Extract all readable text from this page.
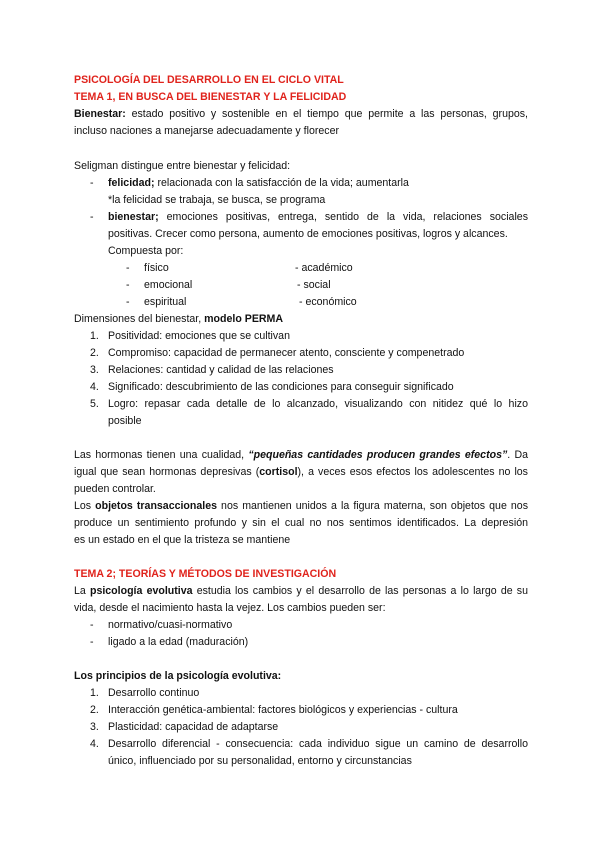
PSICOLOGÍA DEL DESARROLLO EN EL CICLO VITAL
TEMA 1, EN BUSCA DEL BIENESTAR Y LA FELICIDAD
Bienestar: estado positivo y sostenible en el tiempo que permite a las personas, grupos,
incluso naciones a manejarse adecuadamente y florecer
Seligman distingue entre bienestar y felicidad:
- felicidad; relacionada con la satisfacción de la vida; aumentarla
*la felicidad se trabaja, se busca, se programa
- bienestar; emociones positivas, entrega, sentido de la vida, relaciones sociales
positivas. Crecer como persona, aumento de emociones positivas, logros y alcances.
Compuesta por:
- físico	- académico
- emocional	- social
- espiritual	- económico
Dimensiones del bienestar, modelo PERMA
1. Positividad: emociones que se cultivan
2. Compromiso: capacidad de permanecer atento, consciente y compenetrado
3. Relaciones: cantidad y calidad de las relaciones
4. Significado: descubrimiento de las condiciones para conseguir significado
5. Logro: repasar cada detalle de lo alcanzado, visualizando con nitidez qué lo hizo
posible
Las hormonas tienen una cualidad, “pequeñas cantidades producen grandes efectos”. Da
igual que sean hormonas depresivas (cortisol), a veces esos efectos los adolescentes no los
pueden controlar.
Los objetos transaccionales nos mantienen unidos a la figura materna, son objetos que nos
produce un sentimiento profundo y sin el cual no nos sentimos identificados. La depresión
es un estado en el que la tristeza se mantiene
TEMA 2; TEORÍAS Y MÉTODOS DE INVESTIGACIÓN
La psicología evolutiva estudia los cambios y el desarrollo de las personas a lo largo de su
vida, desde el nacimiento hasta la vejez. Los cambios pueden ser:
- normativo/cuasi-normativo
- ligado a la edad (maduración)
Los principios de la psicología evolutiva:
1. Desarrollo continuo
2. Interacción genética-ambiental: factores biológicos y experiencias - cultura
3. Plasticidad: capacidad de adaptarse
4. Desarrollo diferencial - consecuencia: cada individuo sigue un camino de desarrollo
único, influenciado por su personalidad, entorno y circunstancias
